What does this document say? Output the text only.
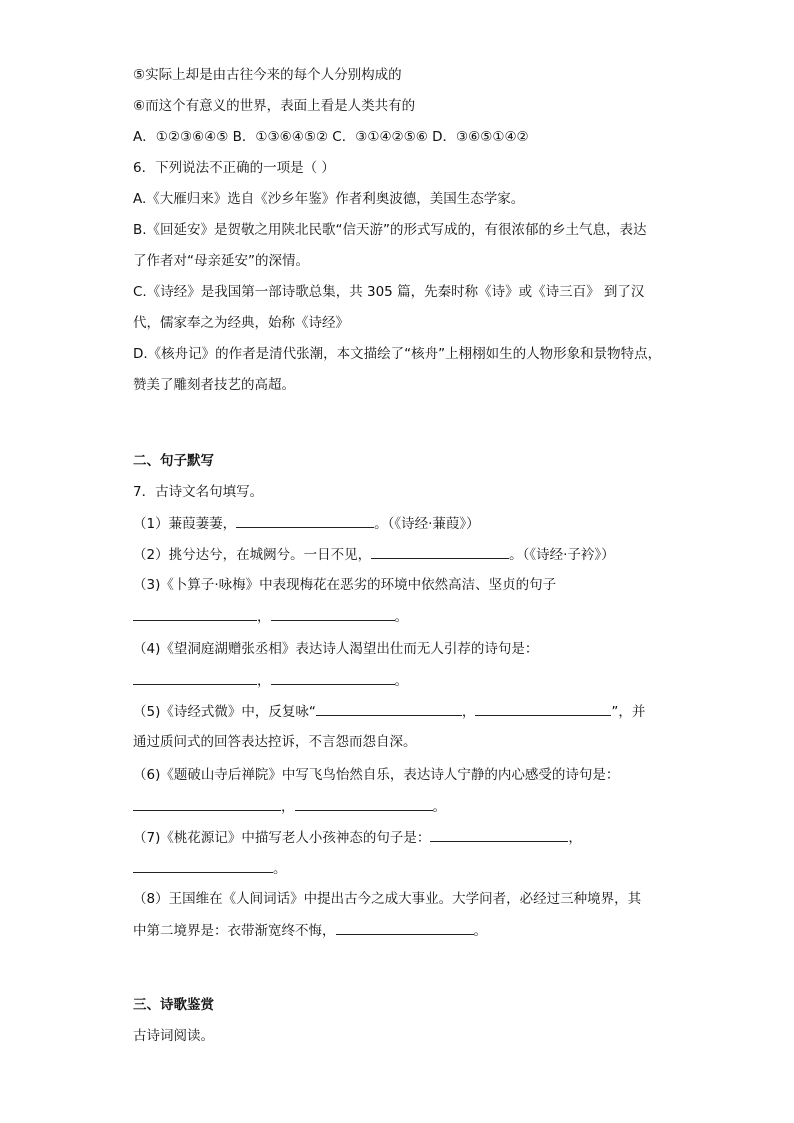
⑤实际上却是由古往今来的每个人分别构成的
⑥而这个有意义的世界，表面上看是人类共有的
A．①②③⑥④⑤ B．①③⑥④⑤② C．③①④②⑤⑥ D．③⑥⑤①④②
6．下列说法不正确的一项是（ ）
A.《大雁归来》选自《沙乡年鉴》作者利奥波德，美国生态学家。
B.《回延安》是贺敬之用陕北民歌“信天游”的形式写成的，有很浓郁的乡土气息，表达
了作者对“母亲延安”的深情。
C.《诗经》是我国第一部诗歌总集，共 305 篇，先秦时称《诗》或《诗三百》 到了汉
代，儒家奉之为经典，始称《诗经》
D.《核舟记》的作者是清代张潮，本文描绘了“核舟”上栩栩如生的人物形象和景物特点，
赞美了雕刻者技艺的高超。
二、句子默写
7．古诗文名句填写。
（1）蒹葭萋萋，	。（《诗经·蒹葭》）
（2）挑兮达兮，在城阙兮。一日不见，	。（《诗经·子衿》）
（3)《卜算子·咏梅》中表现梅花在恶劣的环境中依然高洁、坚贞的句子
，	。
（4)《望洞庭湖赠张丞相》表达诗人渴望出仕而无人引荐的诗句是：
，	。
（5)《诗经式微》中，反复咏“	，	”，并
通过质问式的回答表达控诉，不言怨而怨自深。
（6)《题破山寺后禅院》中写飞鸟怡然自乐，表达诗人宁静的内心感受的诗句是：
，	。
（7)《桃花源记》中描写老人小孩神态的句子是：	，
。
（8）王国维在《人间词话》中提出古今之成大事业。大学问者，必经过三种境界，其
中第二境界是：衣带渐宽终不悔，	。
三、诗歌鉴赏
古诗词阅读。
